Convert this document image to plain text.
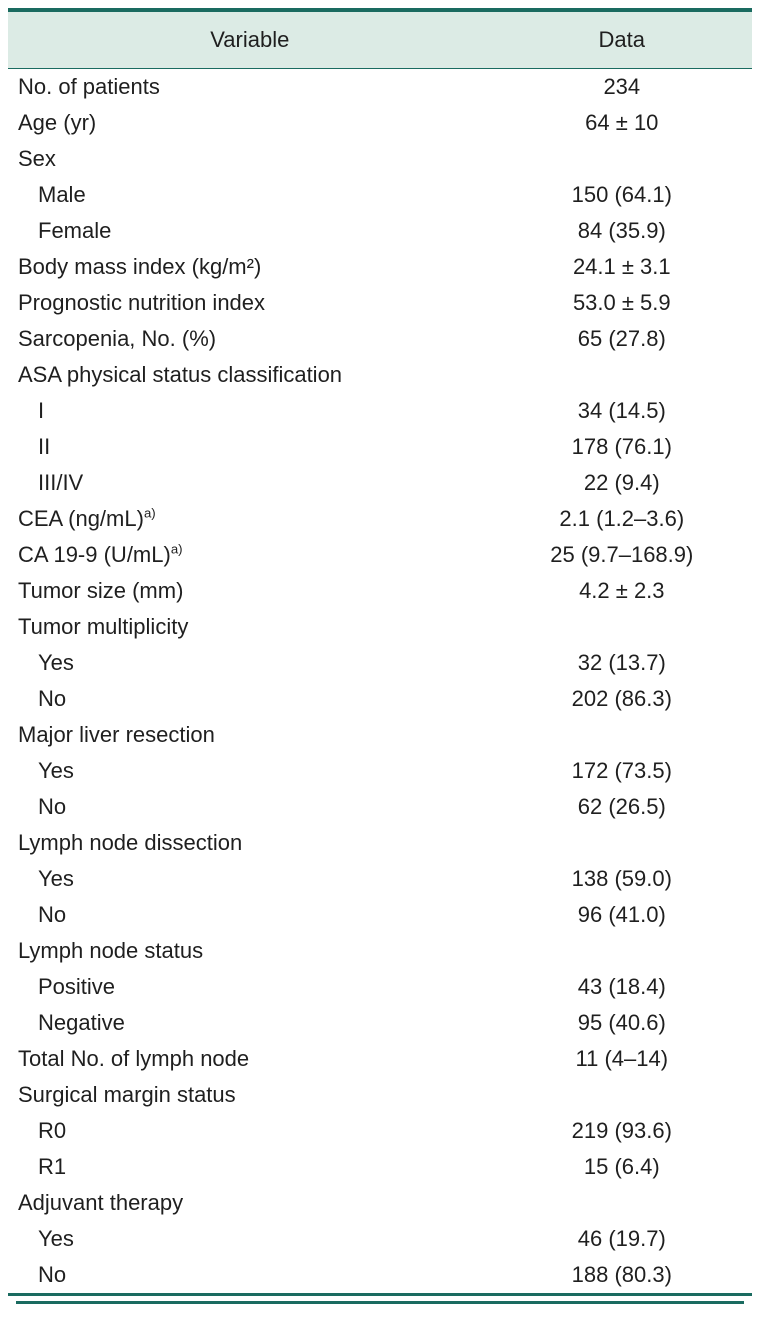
Variable	Data
No. of patients	234
Age (yr)	64 ± 10
Sex	
Male	150 (64.1)
Female	84 (35.9)
Body mass index (kg/m²)	24.1 ± 3.1
Prognostic nutrition index	53.0 ± 5.9
Sarcopenia, No. (%)	65 (27.8)
ASA physical status classification	
I	34 (14.5)
II	178 (76.1)
III/IV	22 (9.4)
CEA $(ng/mL)^{a)}$	2.1 (1.2–3.6)
CA 19-9 $(U/mL)^{a)}$	25 (9.7–168.9)
Tumor size (mm)	4.2 ± 2.3
Tumor multiplicity	
Yes	32 (13.7)
No	202 (86.3)
Major liver resection	
Yes	172 (73.5)
No	62 (26.5)
Lymph node dissection	
Yes	138 (59.0)
No	96 (41.0)
Lymph node status	
Positive	43 (18.4)
Negative	95 (40.6)
Total No. of lymph node	11 (4–14)
Surgical margin status	
R0	219 (93.6)
R1	15 (6.4)
Adjuvant therapy	
Yes	46 (19.7)
No	188 (80.3)
